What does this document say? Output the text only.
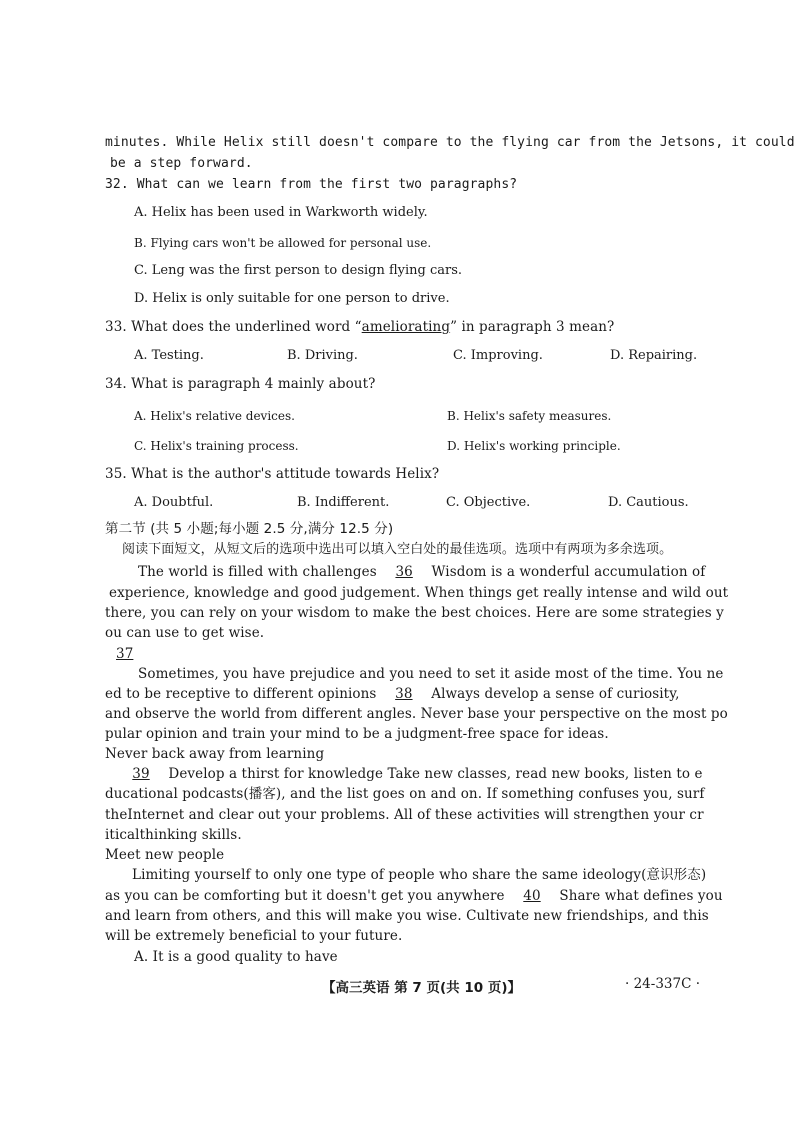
minutes. While Helix still doesn't compare to the flying car from the Jetsons, it could
be a step forward.
32. What can we learn from the first two paragraphs?
A. Helix has been used in Warkworth widely.
B. Flying cars won't be allowed for personal use.
C. Leng was the first person to design flying cars.
D. Helix is only suitable for one person to drive.
33. What does the underlined word “ameliorating” in paragraph 3 mean?
A. Testing.	B. Driving.	C. Improving.	D. Repairing.
34. What is paragraph 4 mainly about?
A. Helix's relative devices.	B. Helix's safety measures.
C. Helix's training process.	D. Helix's working principle.
35. What is the author's attitude towards Helix?
A. Doubtful.	B. Indifferent.	C. Objective.	D. Cautious.
第二节 (共 5 小题;每小题 2.5 分,满分 12.5 分)
阅读下面短文，从短文后的选项中选出可以填入空白处的最佳选项。选项中有两项为多余选项。
The world is filled with challenges 36 Wisdom is a wonderful accumulation of
experience, knowledge and good judgement. When things get really intense and wild out
there, you can rely on your wisdom to make the best choices. Here are some strategies y
ou can use to get wise.
37
Sometimes, you have prejudice and you need to set it aside most of the time. You ne
ed to be receptive to different opinions 38 Always develop a sense of curiosity,
and observe the world from different angles. Never base your perspective on the most po
pular opinion and train your mind to be a judgment-free space for ideas.
Never back away from learning
39 Develop a thirst for knowledge Take new classes, read new books, listen to e
ducational podcasts(播客), and the list goes on and on. If something confuses you, surf
theInternet and clear out your problems. All of these activities will strengthen your cr
iticalthinking skills.
Meet new people
Limiting yourself to only one type of people who share the same ideology(意识形态)
as you can be comforting but it doesn't get you anywhere 40 Share what defines you
and learn from others, and this will make you wise. Cultivate new friendships, and this
will be extremely beneficial to your future.
A. It is a good quality to have
【高三英语 第 7 页(共 10 页)】	· 24-337C ·
